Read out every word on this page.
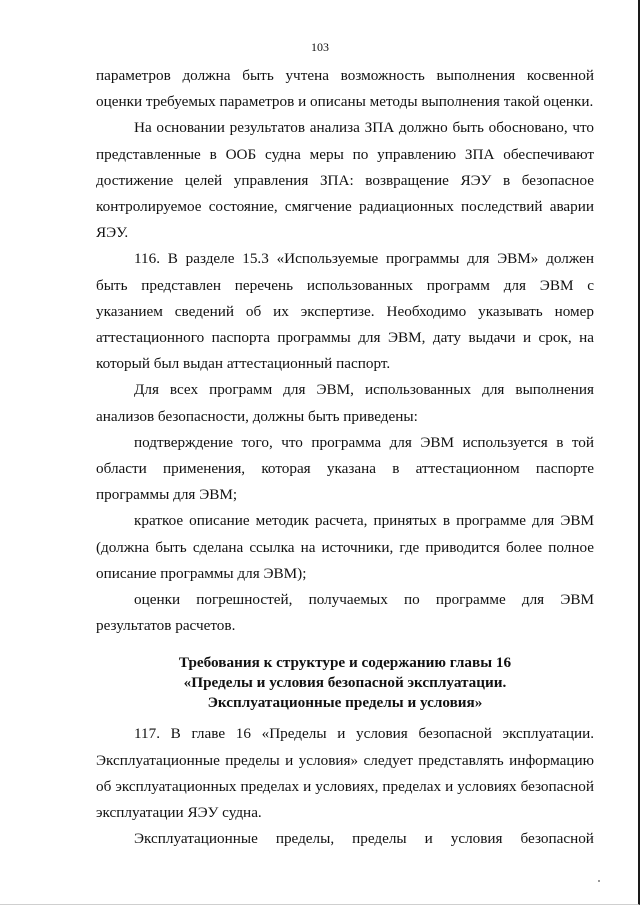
103

параметров должна быть учтена возможность выполнения косвенной оценки требуемых параметров и описаны методы выполнения такой оценки.

На основании результатов анализа ЗПА должно быть обосновано, что представленные в ООБ судна меры по управлению ЗПА обеспечивают достижение целей управления ЗПА: возвращение ЯЭУ в безопасное контролируемое состояние, смягчение радиационных последствий аварии ЯЭУ.

116. В разделе 15.3 «Используемые программы для ЭВМ» должен быть представлен перечень использованных программ для ЭВМ с указанием сведений об их экспертизе. Необходимо указывать номер аттестационного паспорта программы для ЭВМ, дату выдачи и срок, на который был выдан аттестационный паспорт.

Для всех программ для ЭВМ, использованных для выполнения анализов безопасности, должны быть приведены:

подтверждение того, что программа для ЭВМ используется в той области применения, которая указана в аттестационном паспорте программы для ЭВМ;

краткое описание методик расчета, принятых в программе для ЭВМ (должна быть сделана ссылка на источники, где приводится более полное описание программы для ЭВМ);

оценки погрешностей, получаемых по программе для ЭВМ результатов расчетов.

Требования к структуре и содержанию главы 16
«Пределы и условия безопасной эксплуатации.
Эксплуатационные пределы и условия»

117. В главе 16 «Пределы и условия безопасной эксплуатации. Эксплуатационные пределы и условия» следует представлять информацию об эксплуатационных пределах и условиях, пределах и условиях безопасной эксплуатации ЯЭУ судна.

Эксплуатационные пределы, пределы и условия безопасной
